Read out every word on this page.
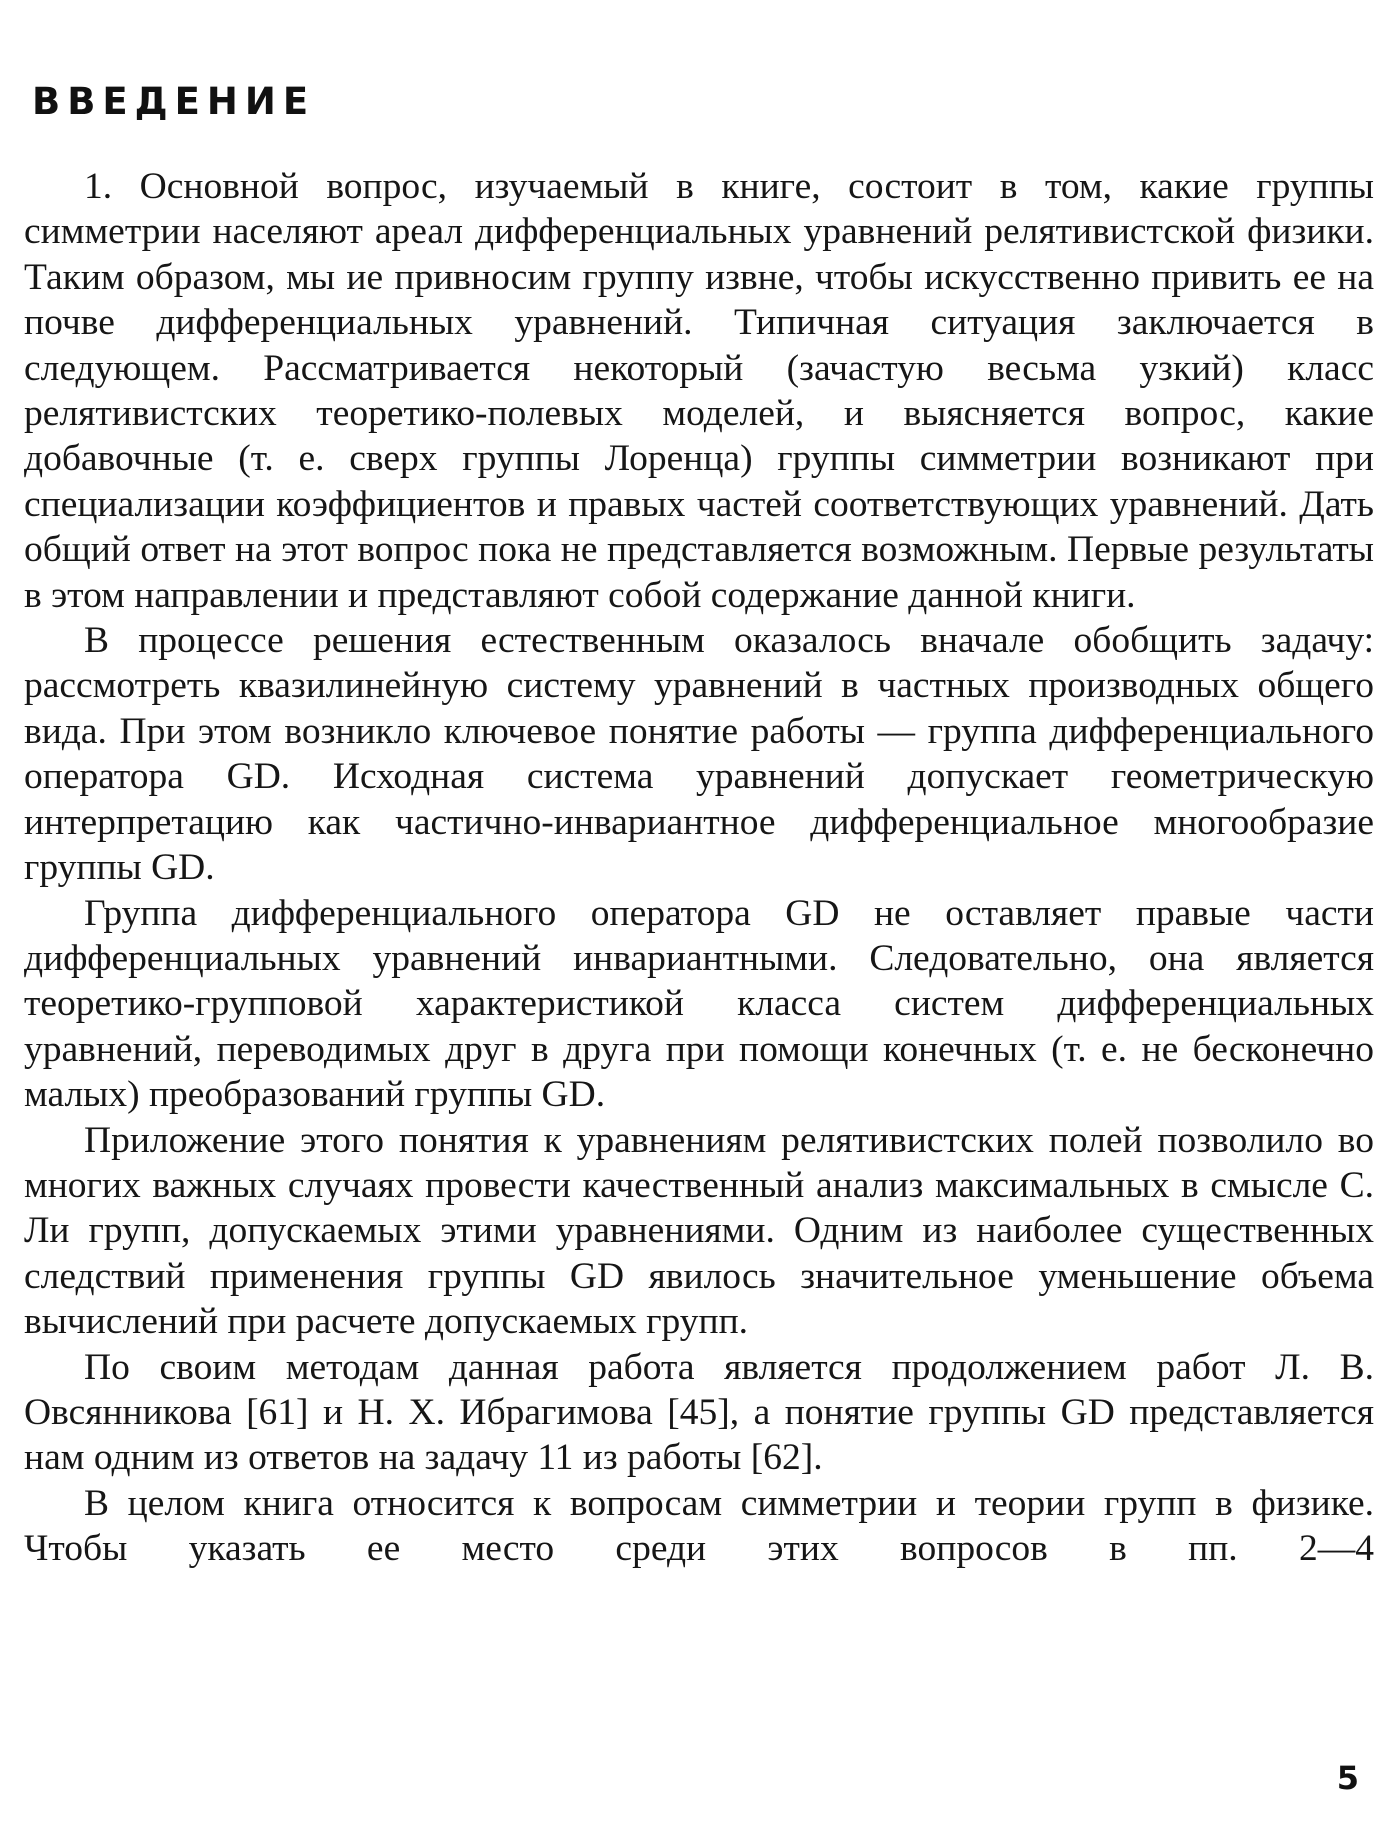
ВВЕДЕНИЕ

1. Основной вопрос, изучаемый в книге, состоит в том, какие группы симметрии населяют ареал дифференциальных уравнений релятивистской физики. Таким образом, мы ие привносим группу извне, чтобы искусственно привить ее на почве дифференциальных уравнений. Типичная ситуация заключается в следующем. Рассматривается некоторый (зачастую весьма узкий) класс релятивистских теоретико-полевых моделей, и выясняется вопрос, какие добавочные (т. е. сверх группы Лоренца) группы симметрии возникают при специализации коэффициентов и правых частей соответствующих уравнений. Дать общий ответ на этот вопрос пока не представляется возможным. Первые результаты в этом направлении и представляют собой содержание данной книги.

В процессе решения естественным оказалось вначале обобщить задачу: рассмотреть квазилинейную систему уравнений в частных производных общего вида. При этом возникло ключевое понятие работы — группа дифференциального оператора GD. Исходная система уравнений допускает геометрическую интерпретацию как частично-инвариантное дифференциальное многообразие группы GD.

Группа дифференциального оператора GD не оставляет правые части дифференциальных уравнений инвариантными. Следовательно, она является теоретико-групповой характеристикой класса систем дифференциальных уравнений, переводимых друг в друга при помощи конечных (т. е. не бесконечно малых) преобразований группы GD.

Приложение этого понятия к уравнениям релятивистских полей позволило во многих важных случаях провести качественный анализ максимальных в смысле С. Ли групп, допускаемых этими уравнениями. Одним из наиболее существенных следствий применения группы GD явилось значительное уменьшение объема вычислений при расчете допускаемых групп.

По своим методам данная работа является продолжением работ Л. В. Овсянникова [61] и Н. Х. Ибрагимова [45], а понятие группы GD представляется нам одним из ответов на задачу 11 из работы [62].

В целом книга относится к вопросам симметрии и теории групп в физике. Чтобы указать ее место среди этих вопросов в пп. 2—4

5
